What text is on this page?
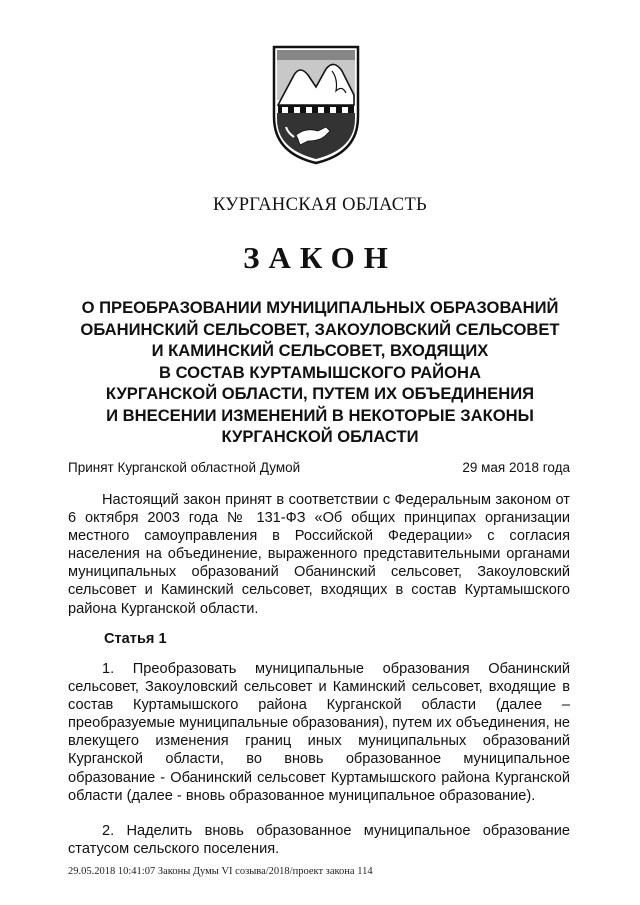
КУРГАНСКАЯ ОБЛАСТЬ
ЗАКОН
О ПРЕОБРАЗОВАНИИ МУНИЦИПАЛЬНЫХ ОБРАЗОВАНИЙ
ОБАНИНСКИЙ СЕЛЬСОВЕТ, ЗАКОУЛОВСКИЙ СЕЛЬСОВЕТ
И КАМИНСКИЙ СЕЛЬСОВЕТ, ВХОДЯЩИХ
В СОСТАВ КУРТАМЫШСКОГО РАЙОНА
КУРГАНСКОЙ ОБЛАСТИ, ПУТЕМ ИХ ОБЪЕДИНЕНИЯ
И ВНЕСЕНИИ ИЗМЕНЕНИЙ В НЕКОТОРЫЕ ЗАКОНЫ
КУРГАНСКОЙ ОБЛАСТИ
Принят Курганской областной Думой	29 мая 2018 года
Настоящий закон принят в соответствии с Федеральным законом от 6 октября 2003 года № 131-ФЗ «Об общих принципах организации местного самоуправления в Российской Федерации» с согласия населения на объединение, выраженного представительными органами муниципальных образований Обанинский сельсовет, Закоуловский сельсовет и Каминский сельсовет, входящих в состав Куртамышского района Курганской области.
Статья 1
1. Преобразовать муниципальные образования Обанинский сельсовет, Закоуловский сельсовет и Каминский сельсовет, входящие в состав Куртамышского района Курганской области (далее – преобразуемые муниципальные образования), путем их объединения, не влекущего изменения границ иных муниципальных образований Курганской области, во вновь образованное муниципальное образование - Обанинский сельсовет Куртамышского района Курганской области (далее - вновь образованное муниципальное образование).
2. Наделить вновь образованное муниципальное образование статусом сельского поселения.
29.05.2018 10:41:07 Законы Думы VI созыва/2018/проект закона 114
